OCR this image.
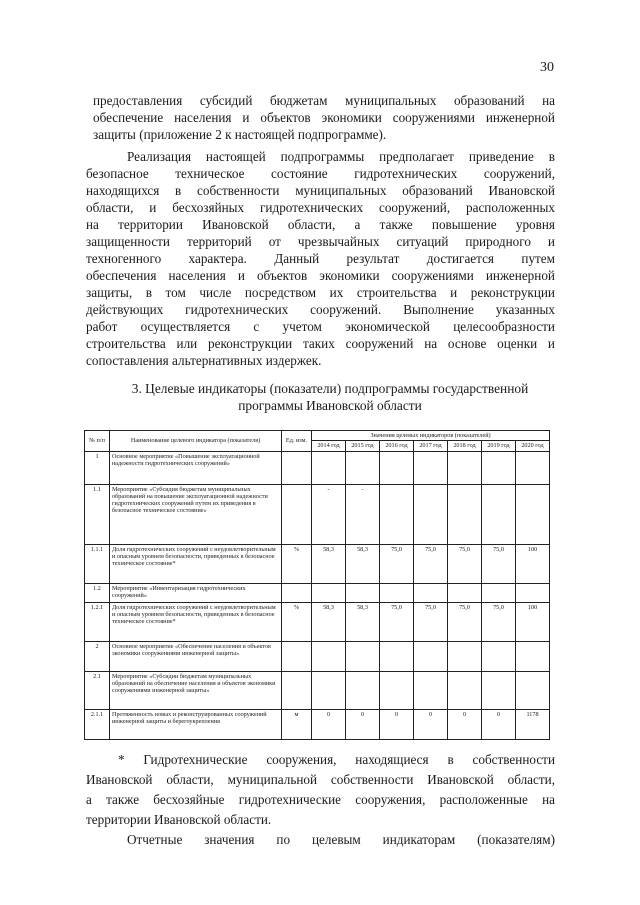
30

предоставления субсидий бюджетам муниципальных образований на

обеспечение населения и объектов экономики сооружениями инженерной

защиты (приложение 2 к настоящей подпрограмме).

Реализация настоящей подпрограммы предполагает приведение в

безопасное техническое состояние гидротехнических сооружений,

находящихся в собственности муниципальных образований Ивановской

области, и бесхозяйных гидротехнических сооружений, расположенных

на территории Ивановской области, а также повышение уровня

защищенности территорий от чрезвычайных ситуаций природного и

техногенного характера. Данный результат достигается путем

обеспечения населения и объектов экономики сооружениями инженерной

защиты, в том числе посредством их строительства и реконструкции

действующих гидротехнических сооружений. Выполнение указанных

работ осуществляется с учетом экономической целесообразности

строительства или реконструкции таких сооружений на основе оценки и

сопоставления альтернативных издержек.

3. Целевые индикаторы (показатели) подпрограммы государственной
программы Ивановской области
№ п/п	Наименование целевого индикатора (показателя)	Ед. изм.	Значения целевых индикаторов (показателей)						
			2014 год	2015 год	2016 год	2017 год	2018 год	2019 год	2020 год
1	Основное мероприятие «Повышение эксплуатационной надежности гидротехнических сооружений»								
1.1	Мероприятие «Субсидия бюджетам муниципальных образований на повышение эксплуатационной надежности гидротехнических сооружений путем их приведения в безопасное техническое состояние»		-	-					
1.1.1	Доля гидротехнических сооружений с неудовлетворительным и опасным уровнем безопасности, приведенных в безопасное техническое состояние*	%	58,3	58,3	75,0	75,0	75,0	75,0	100
1.2	Мероприятие «Инвентаризация гидротехнических сооружений»								
1.2.1	Доля гидротехнических сооружений с неудовлетворительным и опасным уровнем безопасности, приведенных в безопасное техническое состояние*	%	58,3	58,3	75,0	75,0	75,0	75,0	100
2	Основное мероприятие «Обеспечение населения и объектов экономики сооружениями инженерной защиты»								
2.1	Мероприятие «Субсидии бюджетам муниципальных образований на обеспечение населения и объектов экономики сооружениями инженерной защиты»								
2.1.1	Протяженность новых и реконструированных сооружений инженерной защиты и берегоукрепления	м	0	0	0	0	0	0	1178

* Гидротехнические сооружения, находящиеся в собственности

Ивановской области, муниципальной собственности Ивановской области,

а также бесхозяйные гидротехнические сооружения, расположенные на

территории Ивановской области.

Отчетные значения по целевым индикаторам (показателям)
